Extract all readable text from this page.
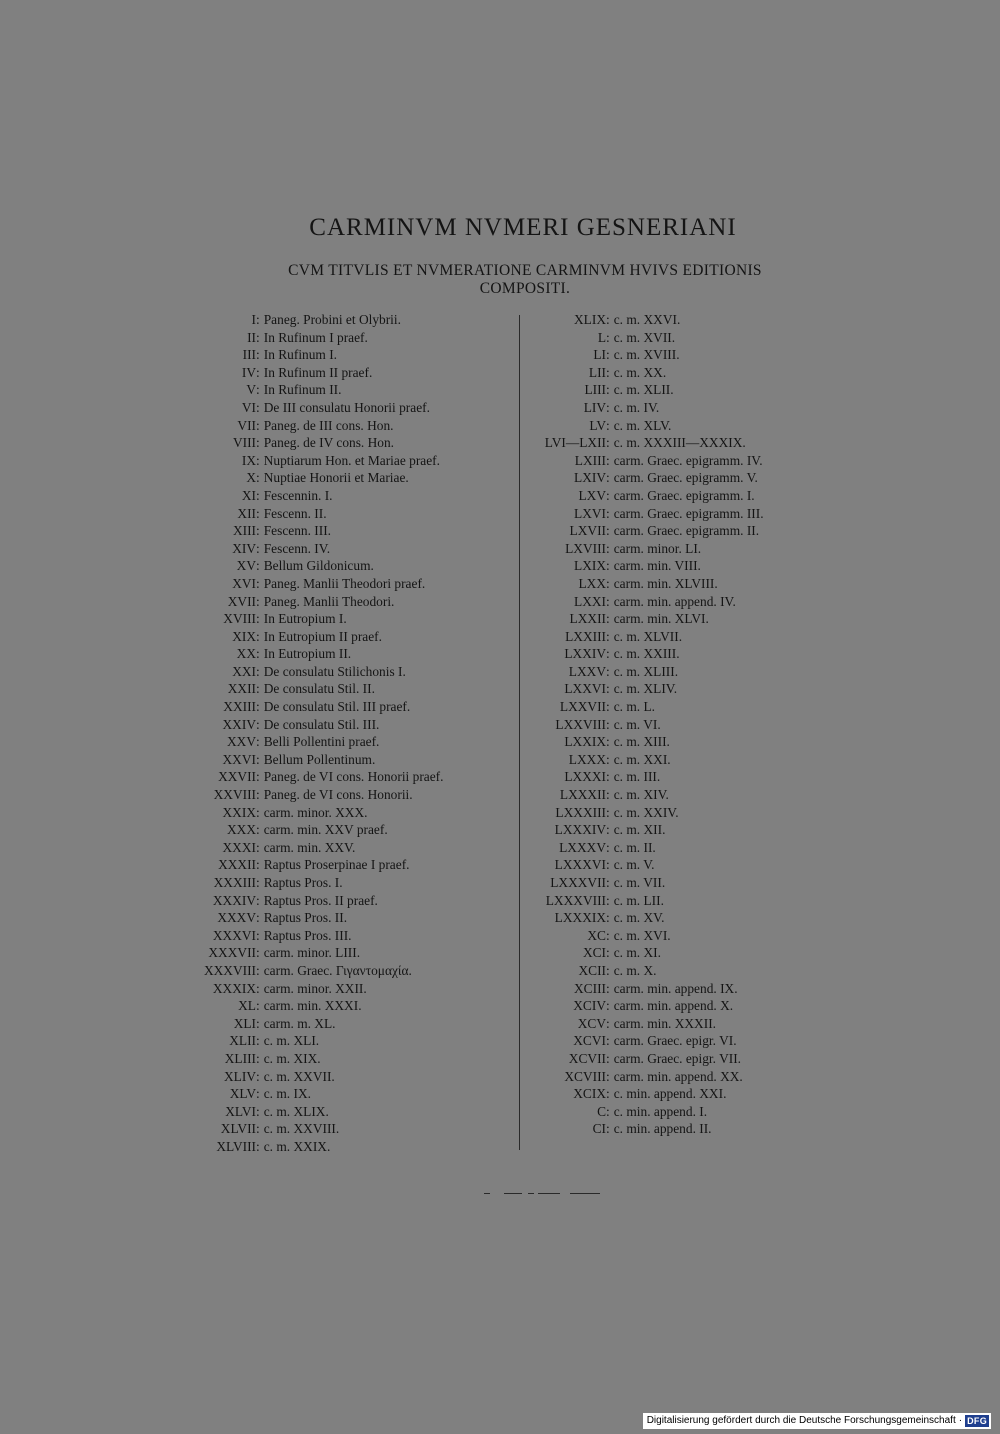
CARMINVM NVMERI GESNERIANI
CVM TITVLIS ET NVMERATIONE CARMINVM HVIVS EDITIONIS
COMPOSITI.
I : Paneg. Probini et Olybrii.
II : In Rufinum I praef.
III : In Rufinum I.
IV : In Rufinum II praef.
V : In Rufinum II.
VI : De III consulatu Honorii praef.
VII : Paneg. de III cons. Hon.
VIII : Paneg. de IV cons. Hon.
IX : Nuptiarum Hon. et Mariae praef.
X : Nuptiae Honorii et Mariae.
XI : Fescennin. I.
XII : Fescenn. II.
XIII : Fescenn. III.
XIV : Fescenn. IV.
XV : Bellum Gildonicum.
XVI : Paneg. Manlii Theodori praef.
XVII : Paneg. Manlii Theodori.
XVIII : In Eutropium I.
XIX : In Eutropium II praef.
XX : In Eutropium II.
XXI : De consulatu Stilichonis I.
XXII : De consulatu Stil. II.
XXIII : De consulatu Stil. III praef.
XXIV : De consulatu Stil. III.
XXV : Belli Pollentini praef.
XXVI : Bellum Pollentinum.
XXVII : Paneg. de VI cons. Honorii praef.
XXVIII : Paneg. de VI cons. Honorii.
XXIX : carm. minor. XXX.
XXX : carm. min. XXV praef.
XXXI : carm. min. XXV.
XXXII : Raptus Proserpinae I praef.
XXXIII : Raptus Pros. I.
XXXIV : Raptus Pros. II praef.
XXXV : Raptus Pros. II.
XXXVI : Raptus Pros. III.
XXXVII : carm. minor. LIII.
XXXVIII : carm. Graec. Γιγαντομαχία.
XXXIX : carm. minor. XXII.
XL : carm. min. XXXI.
XLI : carm. m. XL.
XLII : c. m. XLI.
XLIII : c. m. XIX.
XLIV : c. m. XXVII.
XLV : c. m. IX.
XLVI : c. m. XLIX.
XLVII : c. m. XXVIII.
XLVIII : c. m. XXIX.
XLIX : c. m. XXVI.
L : c. m. XVII.
LI : c. m. XVIII.
LII : c. m. XX.
LIII : c. m. XLII.
LIV : c. m. IV.
LV : c. m. XLV.
LVI—LXII : c. m. XXXIII—XXXIX.
LXIII : carm. Graec. epigramm. IV.
LXIV : carm. Graec. epigramm. V.
LXV : carm. Graec. epigramm. I.
LXVI : carm. Graec. epigramm. III.
LXVII : carm. Graec. epigramm. II.
LXVIII : carm. minor. LI.
LXIX : carm. min. VIII.
LXX : carm. min. XLVIII.
LXXI : carm. min. append. IV.
LXXII : carm. min. XLVI.
LXXIII : c. m. XLVII.
LXXIV : c. m. XXIII.
LXXV : c. m. XLIII.
LXXVI : c. m. XLIV.
LXXVII : c. m. L.
LXXVIII : c. m. VI.
LXXIX : c. m. XIII.
LXXX : c. m. XXI.
LXXXI : c. m. III.
LXXXII : c. m. XIV.
LXXXIII : c. m. XXIV.
LXXXIV : c. m. XII.
LXXXV : c. m. II.
LXXXVI : c. m. V.
LXXXVII : c. m. VII.
LXXXVIII : c. m. LII.
LXXXIX : c. m. XV.
XC : c. m. XVI.
XCI : c. m. XI.
XCII : c. m. X.
XCIII : carm. min. append. IX.
XCIV : carm. min. append. X.
XCV : carm. min. XXXII.
XCVI : carm. Graec. epigr. VI.
XCVII : carm. Graec. epigr. VII.
XCVIII : carm. min. append. XX.
XCIX : c. min. append. XXI.
C : c. min. append. I.
CI : c. min. append. II.
Digitalisierung gefördert durch die Deutsche Forschungsgemeinschaft · DFG
